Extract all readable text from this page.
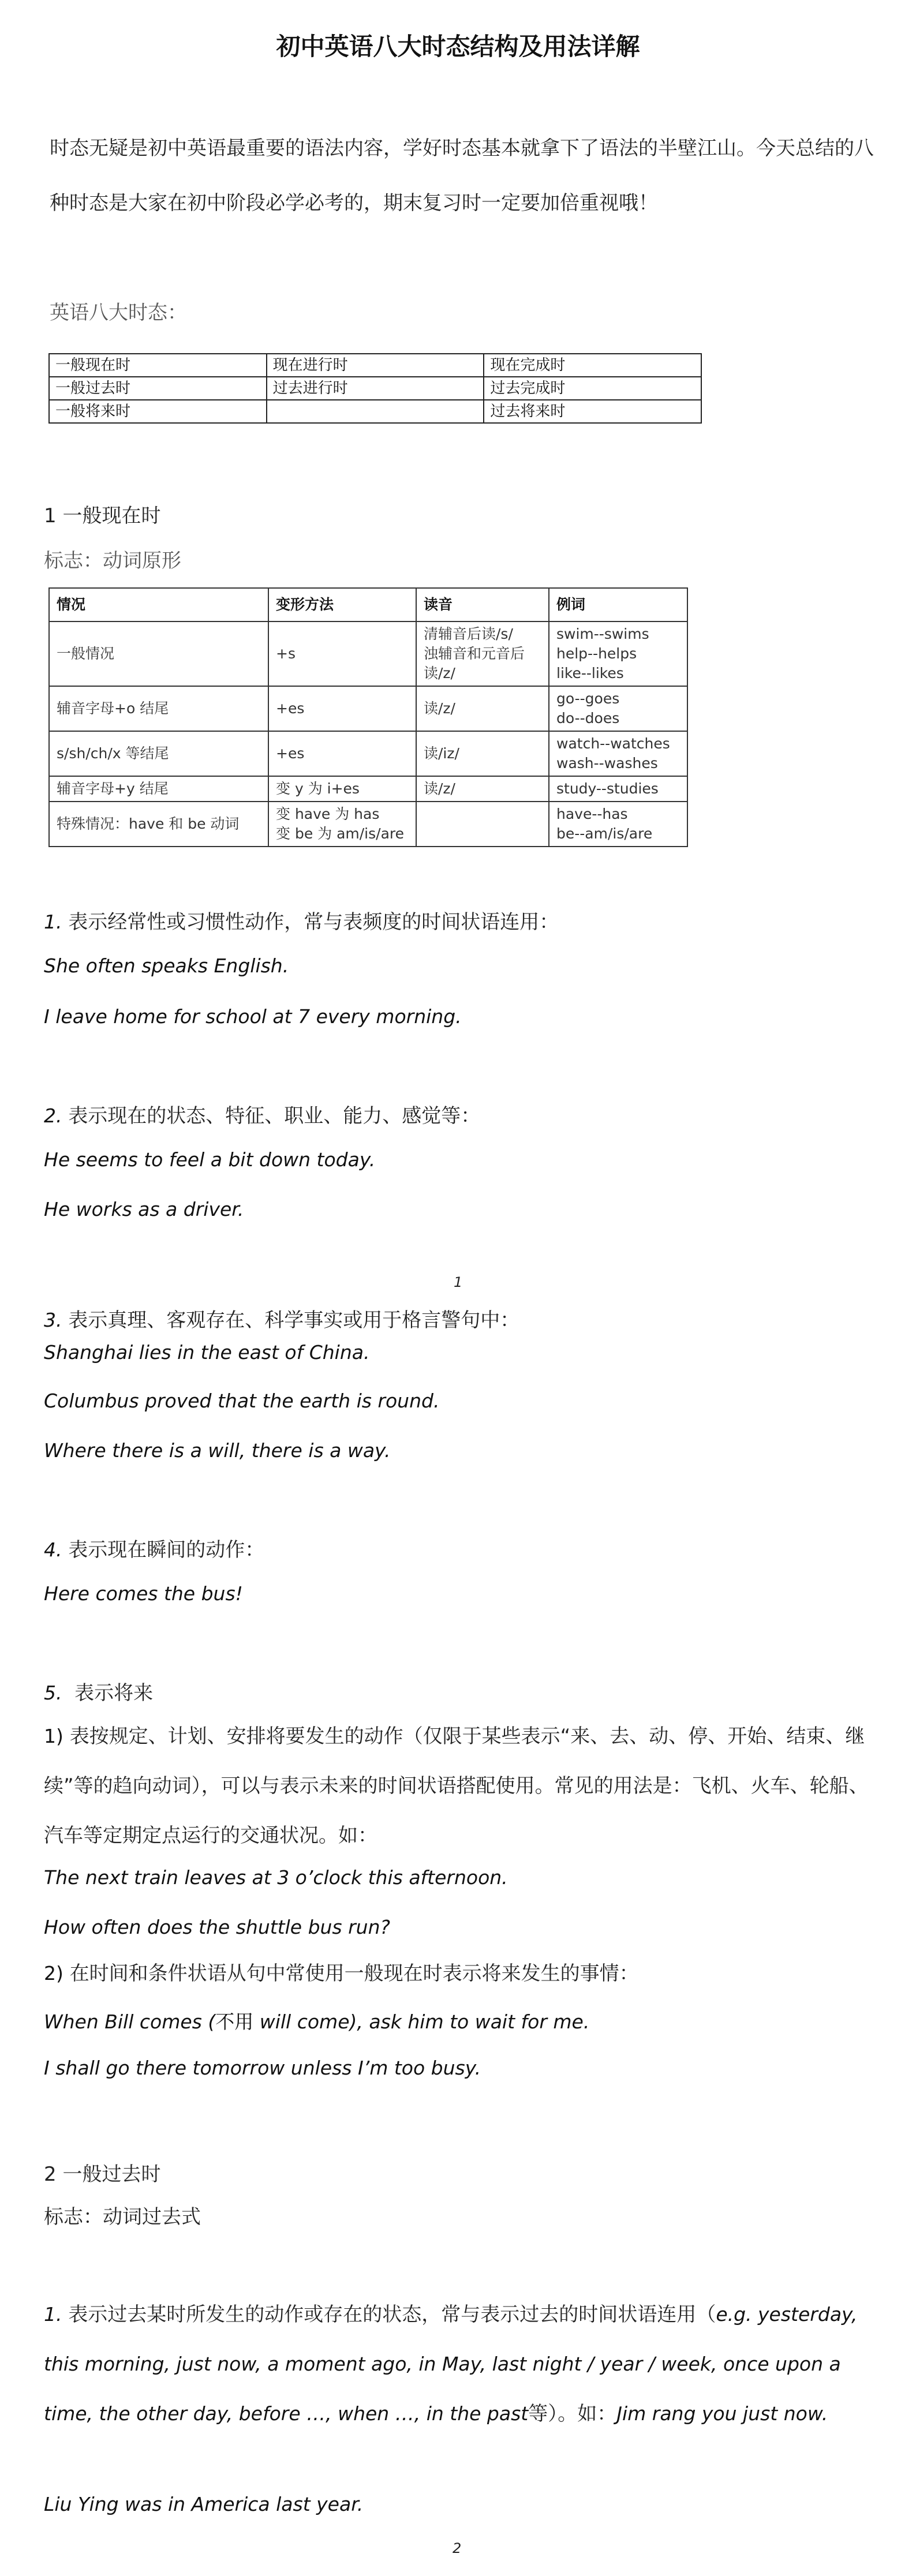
初中英语八大时态结构及用法详解
时态无疑是初中英语最重要的语法内容，学好时态基本就拿下了语法的半壁江山。今天总结的八种时态是大家在初中阶段必学必考的，期末复习时一定要加倍重视哦！
英语八大时态：
一般现在时	现在进行时	现在完成时
一般过去时	过去进行时	过去完成时
一般将来时		过去将来时
1 一般现在时
标志：动词原形
情况	变形方法	读音	例词
一般情况	+s	清辅音后读/s/
浊辅音和元音后
读/z/	swim--swims
help--helps
like--likes

辅音字母+o 结尾	+es	读/z/	go--goes
do--does

s/sh/ch/x 等结尾	+es	读/iz/	watch--watches
wash--washes

辅音字母+y 结尾	变 y 为 i+es	读/z/	study--studies
特殊情况：have 和 be 动词	变 have 为 has
变 be 为 am/is/are		have--has
be--am/is/are
1. 表示经常性或习惯性动作，常与表频度的时间状语连用：
She often speaks English.
I leave home for school at 7 every morning.
2. 表示现在的状态、特征、职业、能力、感觉等：
He seems to feel a bit down today.
He works as a driver.
1
3. 表示真理、客观存在、科学事实或用于格言警句中：
Shanghai lies in the east of China.
Columbus proved that the earth is round.
Where there is a will, there is a way.
4. 表示现在瞬间的动作：
Here comes the bus!
5. 表示将来
1) 表按规定、计划、安排将要发生的动作（仅限于某些表示“来、去、动、停、开始、结束、继续”等的趋向动词），可以与表示未来的时间状语搭配使用。常见的用法是：飞机、火车、轮船、汽车等定期定点运行的交通状况。如：
The next train leaves at 3 o’clock this afternoon.
How often does the shuttle bus run?
2) 在时间和条件状语从句中常使用一般现在时表示将来发生的事情：
When Bill comes (不用 will come), ask him to wait for me.
I shall go there tomorrow unless I’m too busy.
2 一般过去时
标志：动词过去式
1. 表示过去某时所发生的动作或存在的状态，常与表示过去的时间状语连用（e.g. yesterday, this morning, just now, a moment ago, in May, last night / year / week, once upon a time, the other day, before …, when …, in the past等）。如：Jim rang you just now.
Liu Ying was in America last year.
2
